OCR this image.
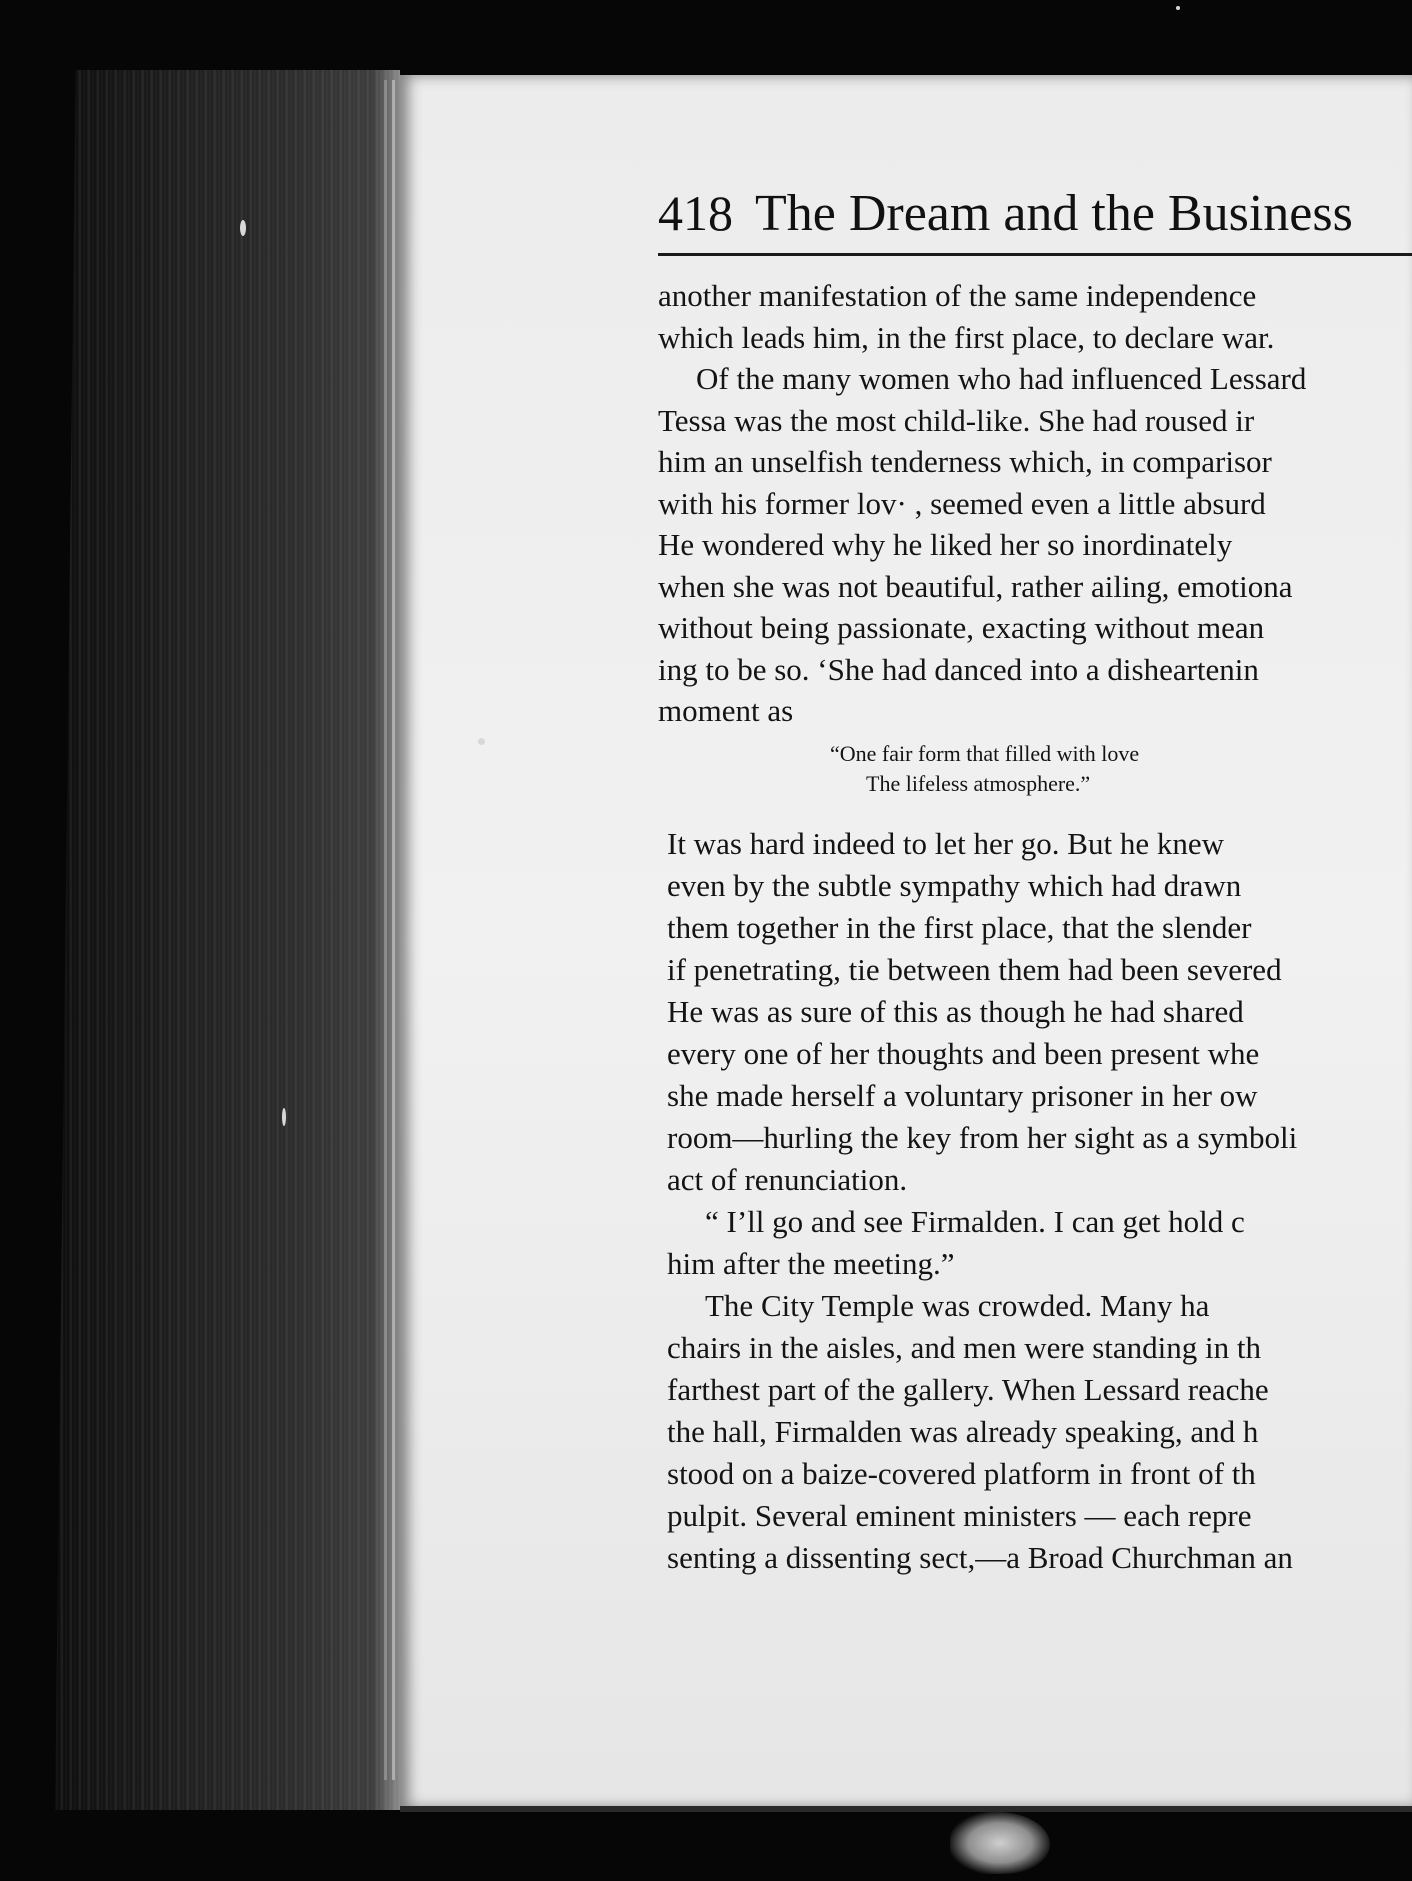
418 The Dream and the Business
another manifestation of the same independence
which leads him, in the first place, to declare war.
Of the many women who had influenced Lessard
Tessa was the most child-like. She had roused ir
him an unselfish tenderness which, in comparisor
with his former lov· , seemed even a little absurd
He wondered why he liked her so inordinately
when she was not beautiful, rather ailing, emotiona
without being passionate, exacting without mean
ing to be so. ‘She had danced into a disheartenin
moment as
“One fair form that filled with love
The lifeless atmosphere.”
It was hard indeed to let her go. But he knew
even by the subtle sympathy which had drawn
them together in the first place, that the slender
if penetrating, tie between them had been severed
He was as sure of this as though he had shared
every one of her thoughts and been present whe
she made herself a voluntary prisoner in her ow
room—hurling the key from her sight as a symboli
act of renunciation.
“ I’ll go and see Firmalden. I can get hold c
him after the meeting.”
The City Temple was crowded. Many ha
chairs in the aisles, and men were standing in th
farthest part of the gallery. When Lessard reache
the hall, Firmalden was already speaking, and h
stood on a baize-covered platform in front of th
pulpit. Several eminent ministers — each repre
senting a dissenting sect,—a Broad Churchman an
